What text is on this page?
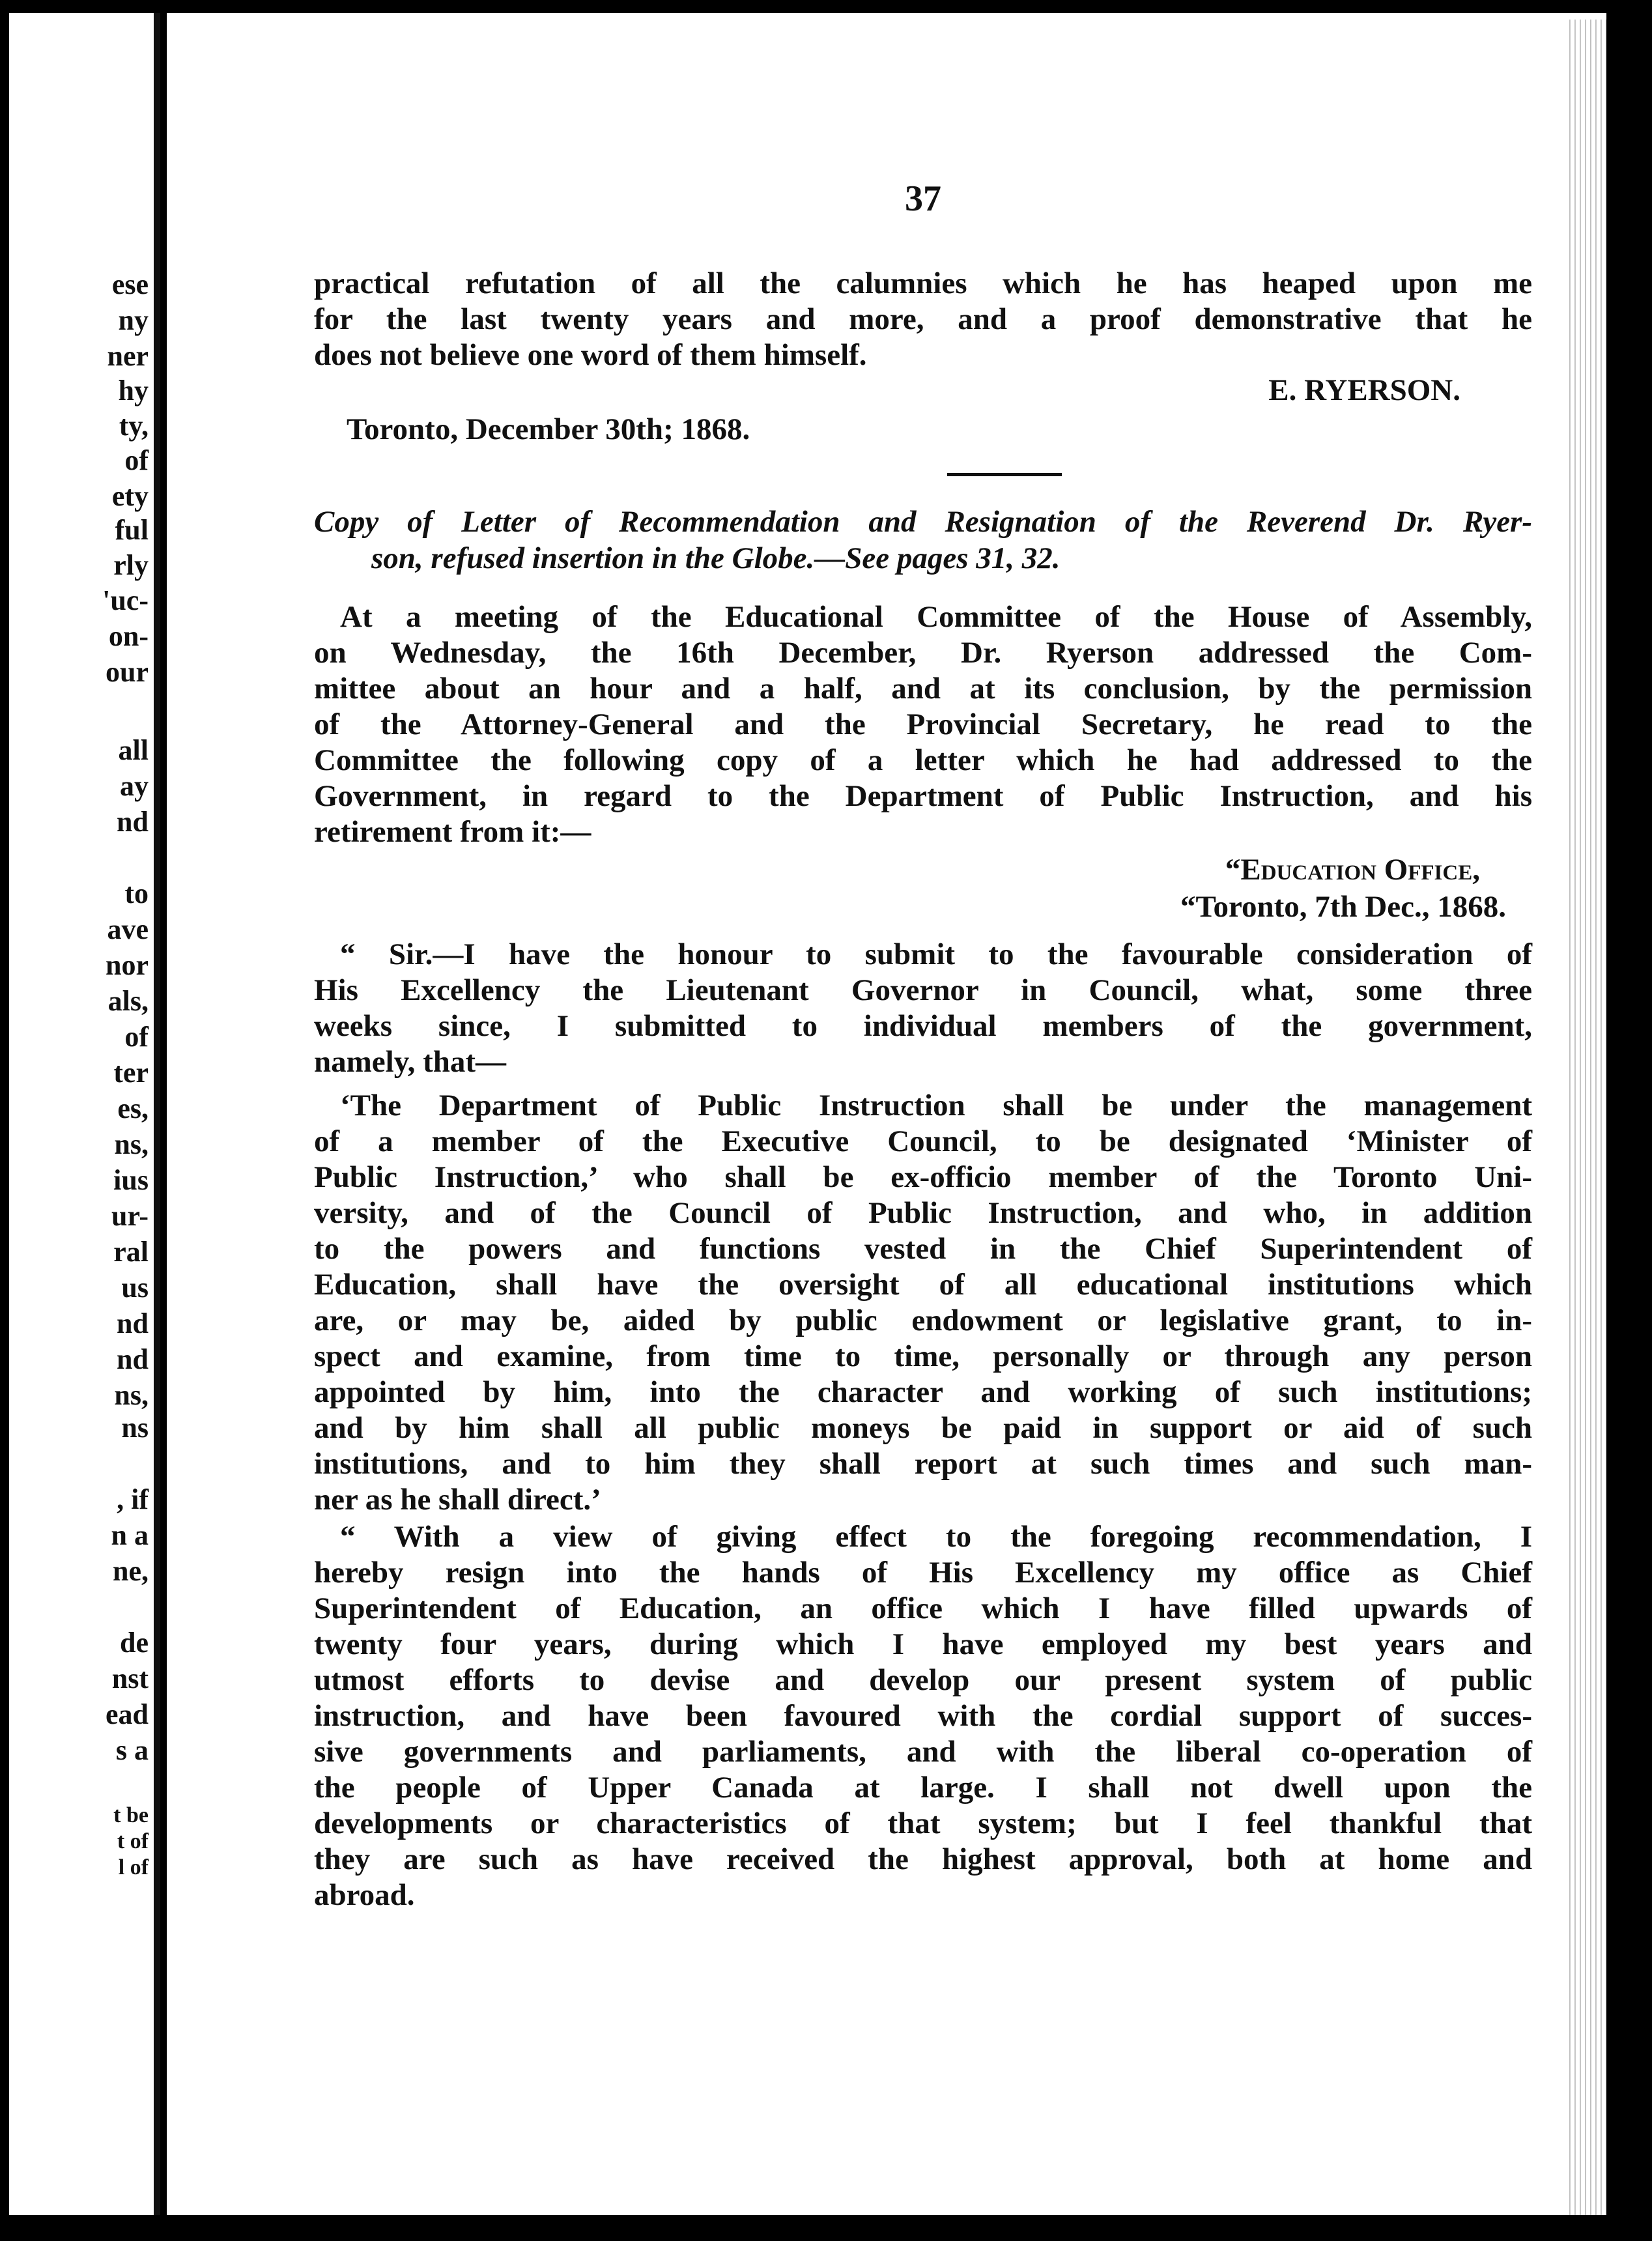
ese
ny
ner
hy
ty,
of
ety
ful
rly
'uc-
on-
our
all
ay
nd
to
ave
nor
als,
of
ter
es,
ns,
ius
ur-
ral
us
nd
nd
ns,
ns
, if
n a
ne,
de
nst
ead
s a
t be
t of
l of
37
practical refutation of all the calumnies which he has heaped upon me
for the last twenty years and more, and a proof demonstrative that he
does not believe one word of them himself.
E. RYERSON.
Toronto, December 30th; 1868.
Copy of Letter of Recommendation and Resignation of the Reverend Dr. Ryer-
son, refused insertion in the Globe.—See pages 31, 32.
At a meeting of the Educational Committee of the House of Assembly,
on Wednesday, the 16th December, Dr. Ryerson addressed the Com-
mittee about an hour and a half, and at its conclusion, by the permission
of the Attorney-General and the Provincial Secretary, he read to the
Committee the following copy of a letter which he had addressed to the
Government, in regard to the Department of Public Instruction, and his
retirement from it:—
“Education Office,
“Toronto, 7th Dec., 1868.
“ Sir.—I have the honour to submit to the favourable consideration of
His Excellency the Lieutenant Governor in Council, what, some three
weeks since, I submitted to individual members of the government,
namely, that—
‘The Department of Public Instruction shall be under the management
of a member of the Executive Council, to be designated ‘Minister of
Public Instruction,’ who shall be ex-officio member of the Toronto Uni-
versity, and of the Council of Public Instruction, and who, in addition
to the powers and functions vested in the Chief Superintendent of
Education, shall have the oversight of all educational institutions which
are, or may be, aided by public endowment or legislative grant, to in-
spect and examine, from time to time, personally or through any person
appointed by him, into the character and working of such institutions;
and by him shall all public moneys be paid in support or aid of such
institutions, and to him they shall report at such times and such man-
ner as he shall direct.’
“ With a view of giving effect to the foregoing recommendation, I
hereby resign into the hands of His Excellency my office as Chief
Superintendent of Education, an office which I have filled upwards of
twenty four years, during which I have employed my best years and
utmost efforts to devise and develop our present system of public
instruction, and have been favoured with the cordial support of succes-
sive governments and parliaments, and with the liberal co-operation of
the people of Upper Canada at large. I shall not dwell upon the
developments or characteristics of that system; but I feel thankful that
they are such as have received the highest approval, both at home and
abroad.
